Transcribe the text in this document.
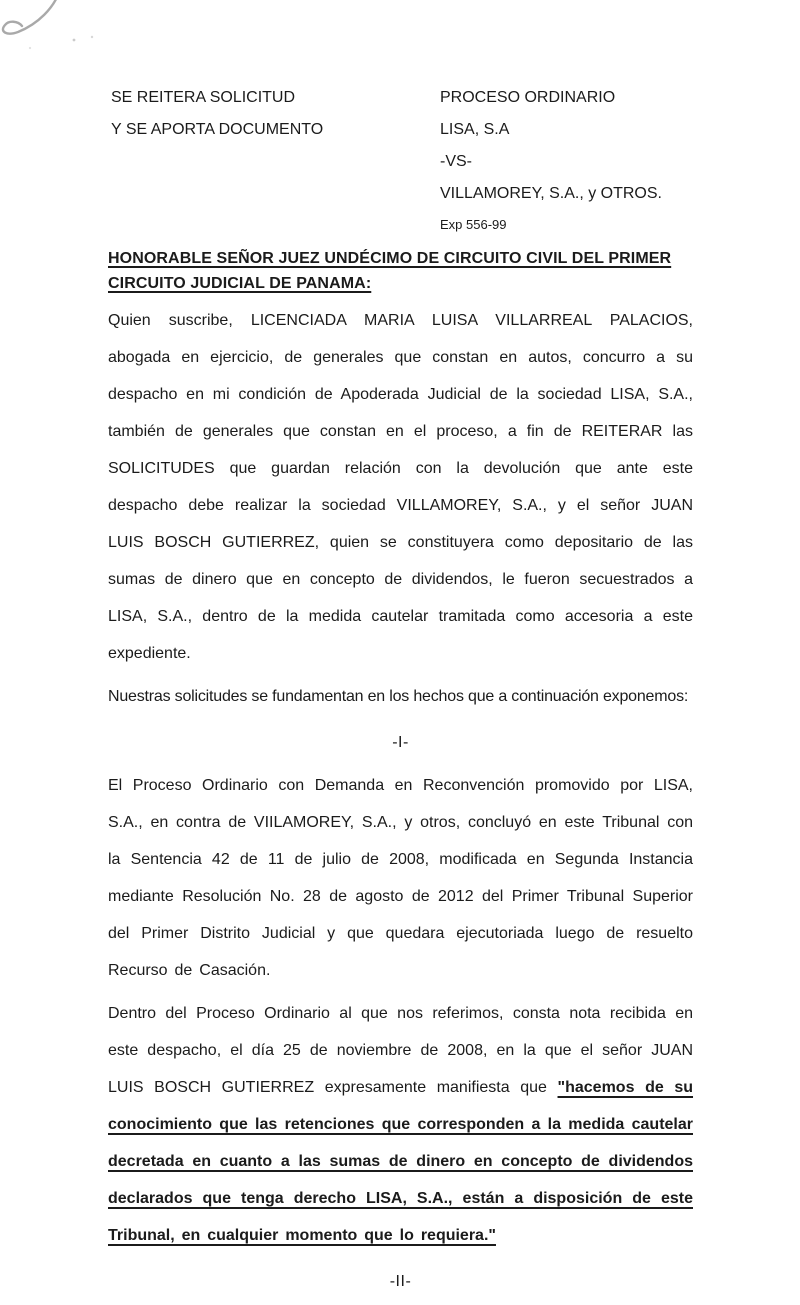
SE REITERA SOLICITUD
Y SE APORTA DOCUMENTO
PROCESO ORDINARIO
LISA, S.A
-VS-
VILLAMOREY, S.A., y OTROS.
Exp 556-99
HONORABLE SEÑOR JUEZ UNDÉCIMO DE CIRCUITO CIVIL DEL PRIMER
CIRCUITO JUDICIAL DE PANAMA:

Quien suscribe, LICENCIADA MARIA LUISA VILLARREAL PALACIOS, abogada en ejercicio, de generales que constan en autos, concurro a su despacho en mi condición de Apoderada Judicial de la sociedad LISA, S.A., también de generales que constan en el proceso, a fin de REITERAR las SOLICITUDES que guardan relación con la devolución que ante este despacho debe realizar la sociedad VILLAMOREY, S.A., y el señor JUAN LUIS BOSCH GUTIERREZ, quien se constituyera como depositario de las sumas de dinero que en concepto de dividendos, le fueron secuestrados a LISA, S.A., dentro de la medida cautelar tramitada como accesoria a este expediente.

Nuestras solicitudes se fundamentan en los hechos que a continuación exponemos:

-I-

El Proceso Ordinario con Demanda en Reconvención promovido por LISA, S.A., en contra de VIILAMOREY, S.A., y otros, concluyó en este Tribunal con la Sentencia 42 de 11 de julio de 2008, modificada en Segunda Instancia mediante Resolución No. 28 de agosto de 2012 del Primer Tribunal Superior del Primer Distrito Judicial y que quedara ejecutoriada luego de resuelto Recurso de Casación.

Dentro del Proceso Ordinario al que nos referimos, consta nota recibida en este despacho, el día 25 de noviembre de 2008, en la que el señor JUAN LUIS BOSCH GUTIERREZ expresamente manifiesta que "hacemos de su conocimiento que las retenciones que corresponden a la medida cautelar decretada en cuanto a las sumas de dinero en concepto de dividendos declarados que tenga derecho LISA, S.A., están a disposición de este Tribunal, en cualquier momento que lo requiera."

-II-
